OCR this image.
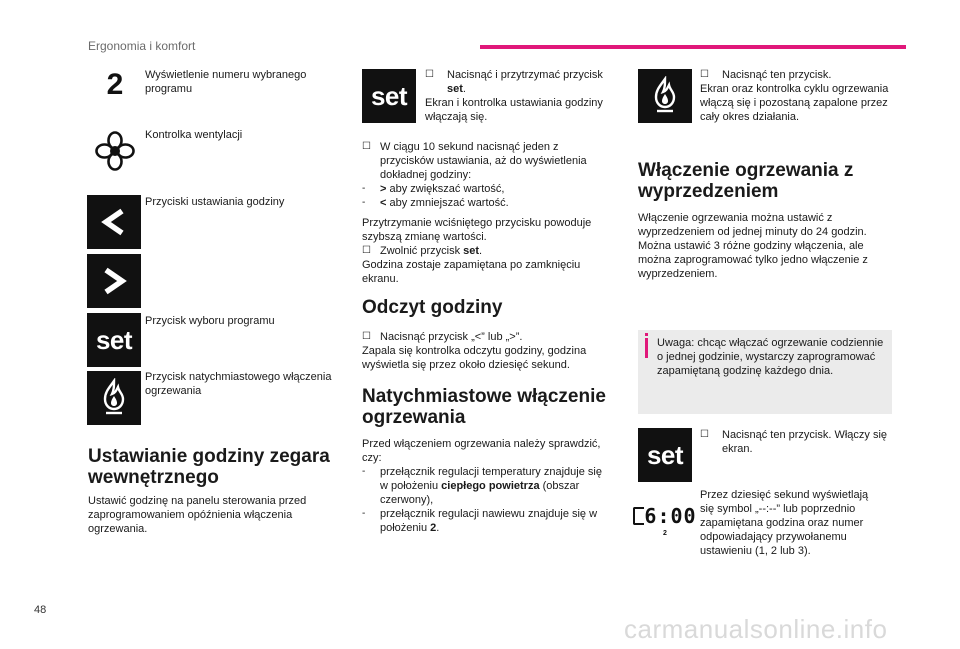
Ergonomia i komfort
2 Wyświetlenie numeru wybranego programu
Kontrolka wentylacji
Przyciski ustawiania godziny
set
Przycisk wyboru programu
Przycisk natychmiastowego włączenia ogrzewania
Ustawianie godziny zegara wewnętrznego
Ustawić godzinę na panelu sterowania przed zaprogramowaniem opóźnienia włączenia ogrzewania.
set
☐ Nacisnąć i przytrzymać przycisk set.
Ekran i kontrolka ustawiania godziny włączają się.
☐ W ciągu 10 sekund nacisnąć jeden z przycisków ustawiania, aż do wyświetlenia dokładnej godziny:
- > aby zwiększać wartość,
- < aby zmniejszać wartość.
Przytrzymanie wciśniętego przycisku powoduje szybszą zmianę wartości.
☐ Zwolnić przycisk set.
Godzina zostaje zapamiętana po zamknięciu ekranu.
Odczyt godziny
☐ Nacisnąć przycisk „<” lub „>”.
Zapala się kontrolka odczytu godziny, godzina wyświetla się przez około dziesięć sekund.
Natychmiastowe włączenie ogrzewania
Przed włączeniem ogrzewania należy sprawdzić, czy:
- przełącznik regulacji temperatury znajduje się w położeniu ciepłego powietrza (obszar czerwony),
- przełącznik regulacji nawiewu znajduje się w położeniu 2.
☐ Nacisnąć ten przycisk.
Ekran oraz kontrolka cyklu ogrzewania włączą się i pozostaną zapalone przez cały okres działania.
Włączenie ogrzewania z wyprzedzeniem
Włączenie ogrzewania można ustawić z wyprzedzeniem od jednej minuty do 24 godzin. Można ustawić 3 różne godziny włączenia, ale można zaprogramować tylko jedno włączenie z wyprzedzeniem.
Uwaga: chcąc włączać ogrzewanie codziennie o jednej godzinie, wystarczy zaprogramować zapamiętaną godzinę każdego dnia.
set
☐ Nacisnąć ten przycisk. Włączy się ekran.
6:00
2
Przez dziesięć sekund wyświetlają się symbol „--:--” lub poprzednio zapamiętana godzina oraz numer odpowiadający przywołanemu ustawieniu (1, 2 lub 3).
48
carmanualsonline.info
